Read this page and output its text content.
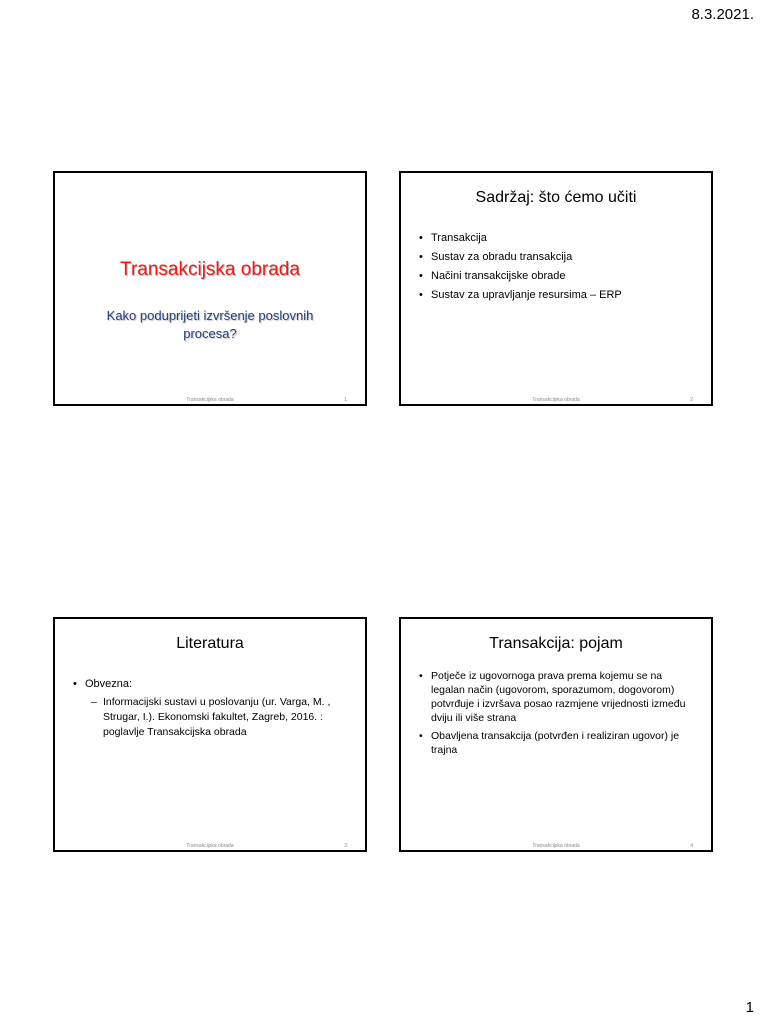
8.3.2021.
Transakcijska obrada
Kako poduprijeti izvršenje poslovnih procesa?
Transakcijska obrada	1
Sadržaj: što ćemo učiti
• Transakcija
• Sustav za obradu transakcija
• Načini transakcijske obrade
• Sustav za upravljanje resursima – ERP
Transakcijska obrada	2
Literatura
• Obvezna:
– Informacijski sustavi u poslovanju (ur. Varga, M. , Strugar, I.). Ekonomski fakultet, Zagreb, 2016. : poglavlje Transakcijska obrada
Transakcijska obrada	3
Transakcija: pojam
• Potječe iz ugovornoga prava prema kojemu se na legalan način (ugovorom, sporazumom, dogovorom) potvrđuje i izvršava posao razmjene vrijednosti između dviju ili više strana
• Obavljena transakcija (potvrđen i realiziran ugovor) je trajna
Transakcijska obrada	4
1
